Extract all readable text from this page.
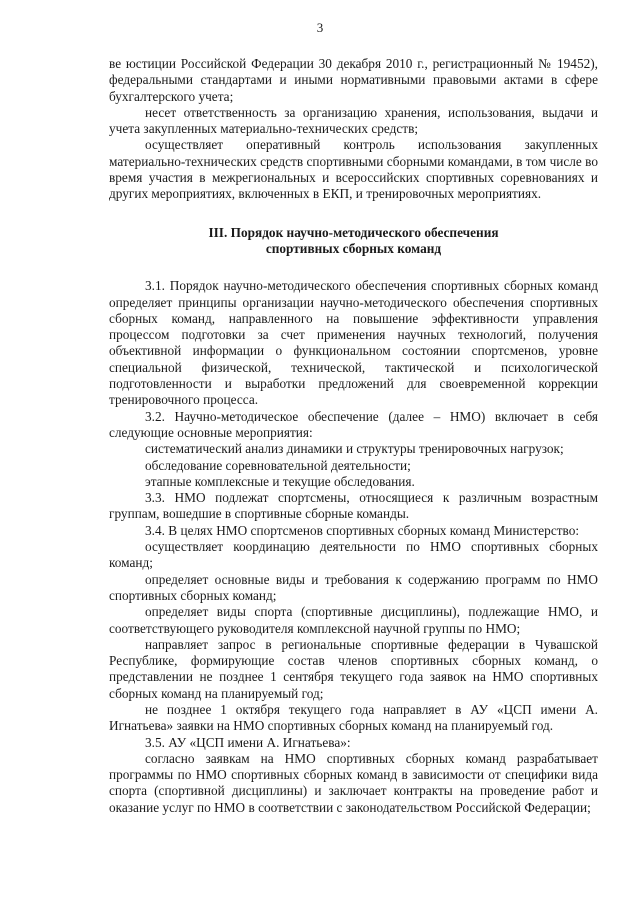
3

ве юстиции Российской Федерации 30 декабря 2010 г., регистрационный № 19452), федеральными стандартами и иными нормативными правовыми актами в сфере бухгалтерского учета;

несет ответственность за организацию хранения, использования, выдачи и учета закупленных материально-технических средств;

осуществляет оперативный контроль использования закупленных материально-технических средств спортивными сборными командами, в том числе во время участия в межрегиональных и всероссийских спортивных соревнованиях и других мероприятиях, включенных в ЕКП, и тренировочных мероприятиях.

III. Порядок научно-методического обеспечения
спортивных сборных команд

3.1. Порядок научно-методического обеспечения спортивных сборных команд определяет принципы организации научно-методического обеспечения спортивных сборных команд, направленного на повышение эффективности управления процессом подготовки за счет применения научных технологий, получения объективной информации о функциональном состоянии спортсменов, уровне специальной физической, технической, тактической и психологической подготовленности и выработки предложений для своевременной коррекции тренировочного процесса.

3.2. Научно-методическое обеспечение (далее – НМО) включает в себя следующие основные мероприятия:

систематический анализ динамики и структуры тренировочных нагрузок;

обследование соревновательной деятельности;

этапные комплексные и текущие обследования.

3.3. НМО подлежат спортсмены, относящиеся к различным возрастным группам, вошедшие в спортивные сборные команды.

3.4. В целях НМО спортсменов спортивных сборных команд Министерство:

осуществляет координацию деятельности по НМО спортивных сборных команд;

определяет основные виды и требования к содержанию программ по НМО спортивных сборных команд;

определяет виды спорта (спортивные дисциплины), подлежащие НМО, и соответствующего руководителя комплексной научной группы по НМО;

направляет запрос в региональные спортивные федерации в Чувашской Республике, формирующие состав членов спортивных сборных команд, о представлении не позднее 1 сентября текущего года заявок на НМО спортивных сборных команд на планируемый год;

не позднее 1 октября текущего года направляет в АУ «ЦСП имени А. Игнатьева» заявки на НМО спортивных сборных команд на планируемый год.

3.5. АУ «ЦСП имени А. Игнатьева»:

согласно заявкам на НМО спортивных сборных команд разрабатывает программы по НМО спортивных сборных команд в зависимости от специфики вида спорта (спортивной дисциплины) и заключает контракты на проведение работ и оказание услуг по НМО в соответствии с законодательством Российской Федерации;
